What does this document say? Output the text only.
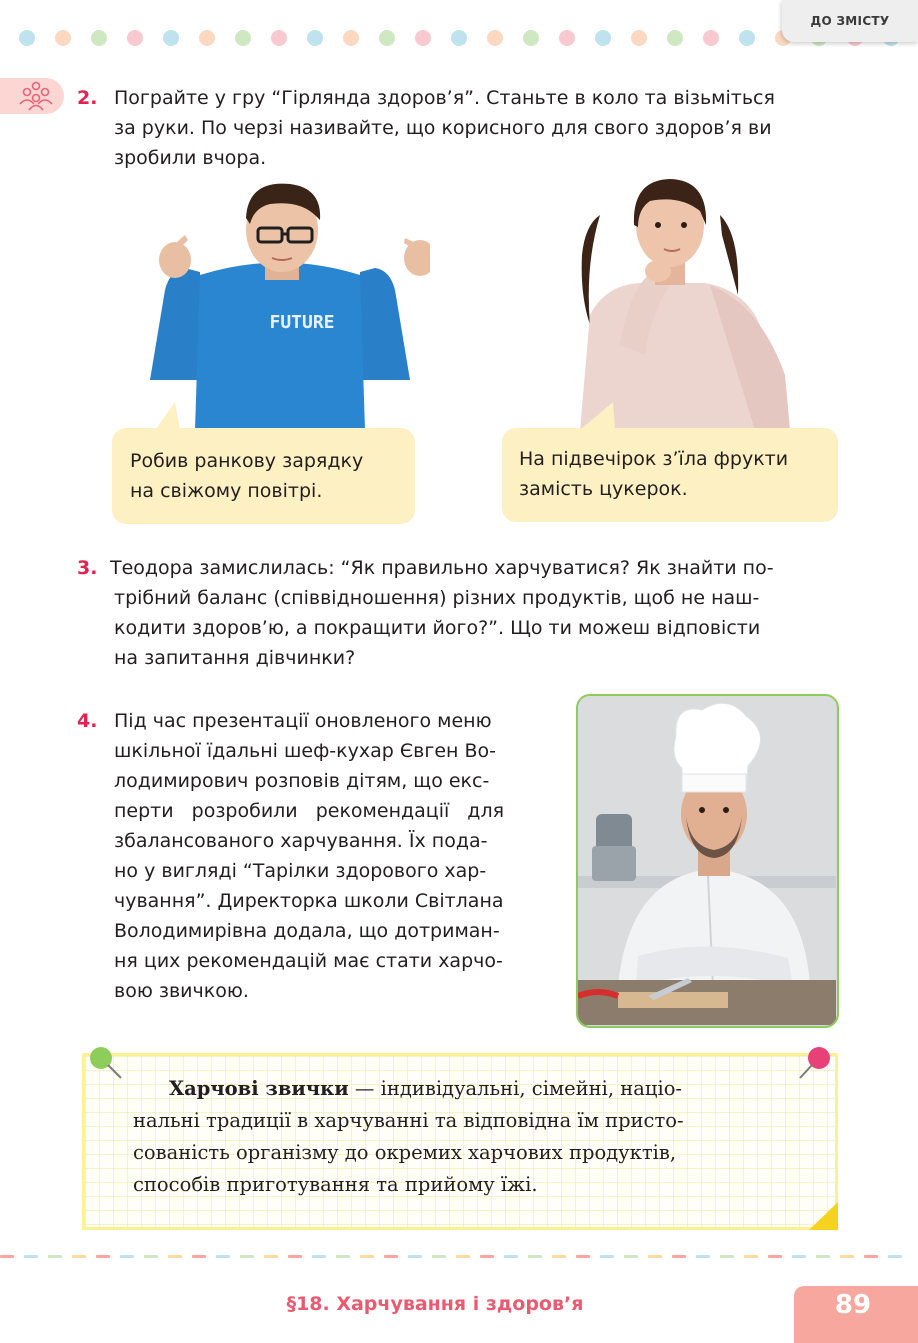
ДО ЗМІСТУ
2. Пограйте у гру “Гірлянда здоров’я”. Станьте в коло та візьміться
за руки. По черзі називайте, що корисного для свого здоров’я ви
зробили вчора.
FUTURE
Робив ранкову зарядку
на свіжому повітрі.
На підвечірок з’їла фрукти
замість цукерок.
3. Теодора замислилась: “Як правильно харчуватися? Як знайти по-
трібний баланс (співвідношення) різних продуктів, щоб не наш-
кодити здоров’ю, а покращити його?”. Що ти можеш відповісти
на запитання дівчинки?
4. Під час презентації оновленого меню
шкільної їдальні шеф-кухар Євген Во-
лодимирович розповів дітям, що екс-
перти розробили рекомендації для
збалансованого харчування. Їх пода-
но у вигляді “Тарілки здорового хар-
чування”. Директорка школи Світлана
Володимирівна додала, що дотриман-
ня цих рекомендацій має стати харчо-
вою звичкою.
Харчові звички — індивідуальні, сімейні, націо-
нальні традиції в харчуванні та відповідна їм присто-
сованість організму до окремих харчових продуктів,
способів приготування та прийому їжі.
§18. Харчування і здоров’я	89
